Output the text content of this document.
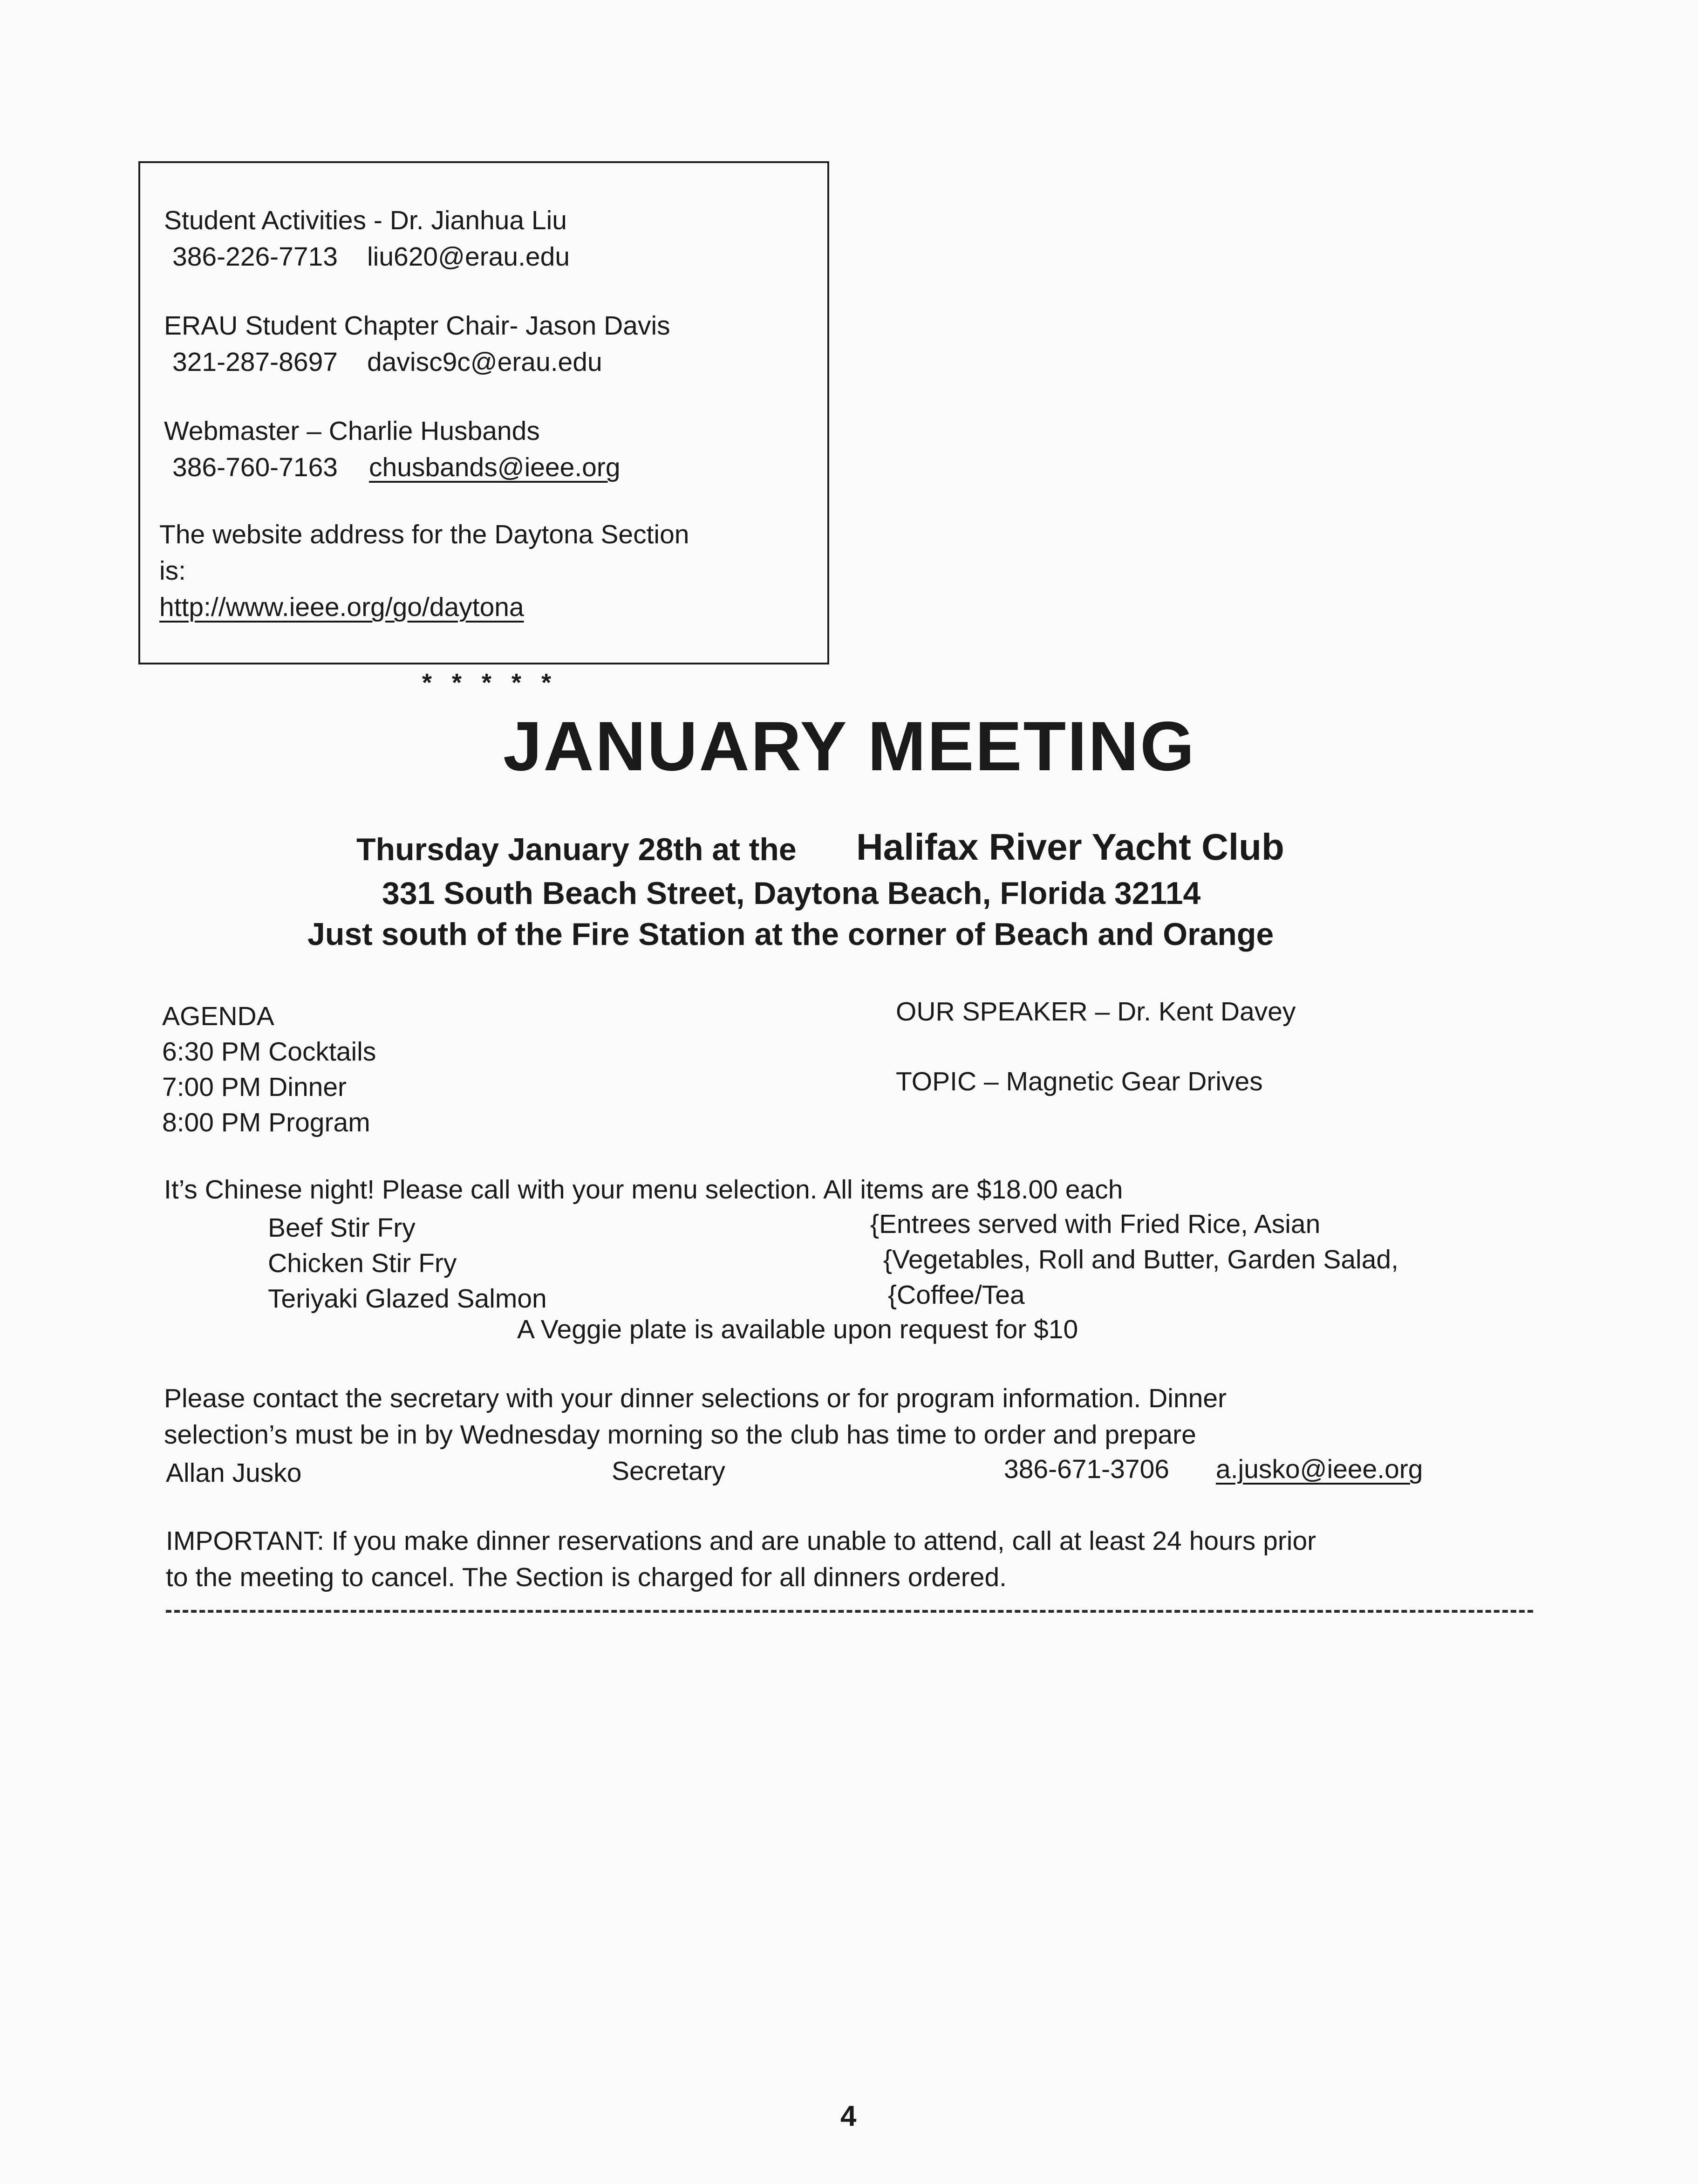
Student Activities - Dr. Jianhua Liu
386-226-7713 liu620@erau.edu
ERAU Student Chapter Chair- Jason Davis
321-287-8697 davisc9c@erau.edu
Webmaster – Charlie Husbands
386-760-7163 chusbands@ieee.org
The website address for the Daytona Section
is:
http://www.ieee.org/go/daytona
* * * * *
JANUARY MEETING
Thursday January 28th at the Halifax River Yacht Club
331 South Beach Street, Daytona Beach, Florida 32114
Just south of the Fire Station at the corner of Beach and Orange
AGENDA
6:30 PM Cocktails
7:00 PM Dinner
8:00 PM Program
OUR SPEAKER – Dr. Kent Davey
TOPIC – Magnetic Gear Drives
It’s Chinese night! Please call with your menu selection. All items are $18.00 each
Beef Stir Fry
Chicken Stir Fry
Teriyaki Glazed Salmon
{Entrees served with Fried Rice, Asian
{Vegetables, Roll and Butter, Garden Salad,
{Coffee/Tea
A Veggie plate is available upon request for $10
Please contact the secretary with your dinner selections or for program information. Dinner
selection’s must be in by Wednesday morning so the club has time to order and prepare
Allan Jusko	Secretary	386-671-3706 a.jusko@ieee.org
IMPORTANT: If you make dinner reservations and are unable to attend, call at least 24 hours prior
to the meeting to cancel. The Section is charged for all dinners ordered.
4
